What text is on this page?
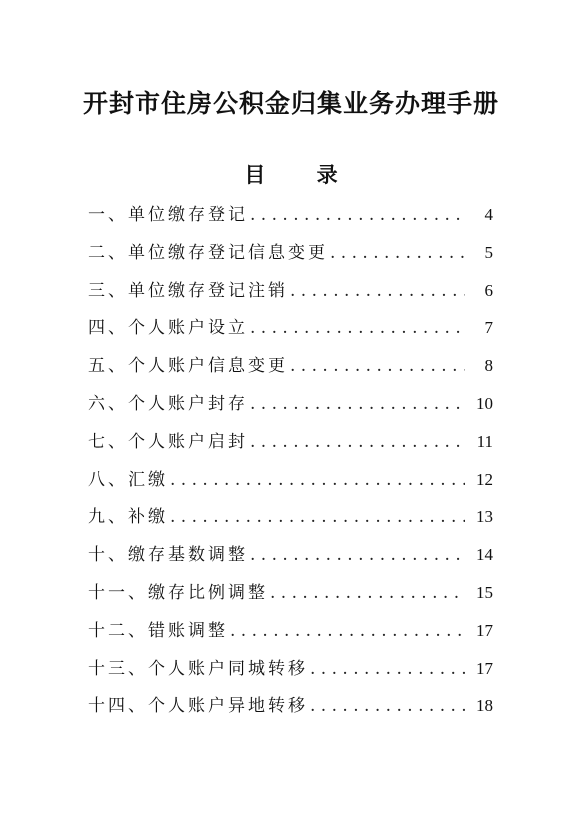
开封市住房公积金归集业务办理手册
目 录
一、单位缴存登记 . . .	4
二、单位缴存登记信息变更 . . .	5
三、单位缴存登记注销 . . .	6
四、个人账户设立 . . .	7
五、个人账户信息变更 . . .	8
六、个人账户封存 . . .	10
七、个人账户启封 . . .	11
八、汇缴 . . .	12
九、补缴 . . .	13
十、缴存基数调整 . . .	14
十一、缴存比例调整 . . .	15
十二、错账调整 . . .	17
十三、个人账户同城转移 . . .	17
十四、个人账户异地转移 . . .	18
